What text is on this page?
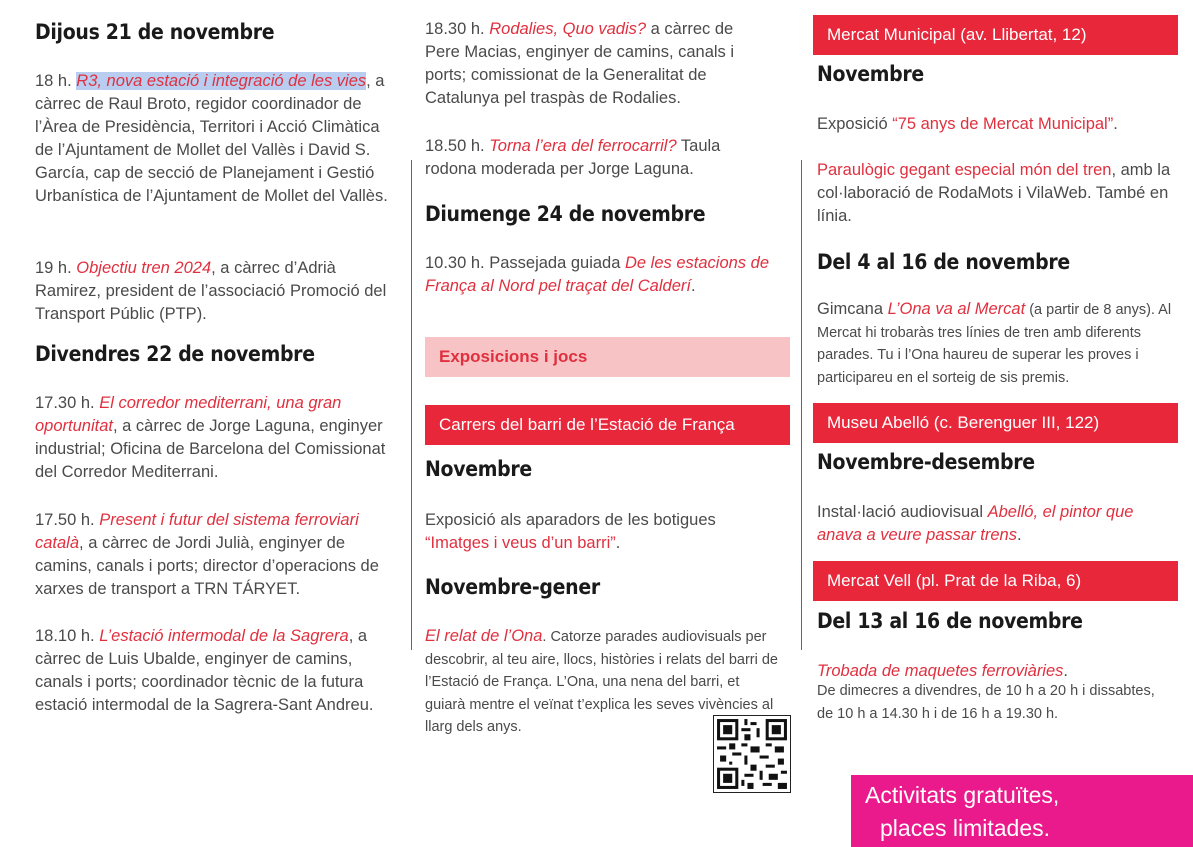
Dijous 21 de novembre

18 h. R3, nova estació i integració de les vies, a càrrec de Raul Broto, regidor coordinador de l’Àrea de Presidència, Territori i Acció Climàtica de l’Ajuntament de Mollet del Vallès i David S. García, cap de secció de Planejament i Gestió Urbanística de l’Ajuntament de Mollet del Vallès.

19 h. Objectiu tren 2024, a càrrec d’Adrià Ramirez, president de l’associació Promoció del Transport Públic (PTP).

Divendres 22 de novembre

17.30 h. El corredor mediterrani, una gran oportunitat, a càrrec de Jorge Laguna, enginyer industrial; Oficina de Barcelona del Comissionat del Corredor Mediterrani.

17.50 h. Present i futur del sistema ferroviari català, a càrrec de Jordi Julià, enginyer de camins, canals i ports; director d’operacions de xarxes de transport a TRN TÁRYET.

18.10 h. L’estació intermodal de la Sagrera, a càrrec de Luis Ubalde, enginyer de camins, canals i ports; coordinador tècnic de la futura estació intermodal de la Sagrera-Sant Andreu.

18.30 h. Rodalies, Quo vadis? a càrrec de Pere Macias, enginyer de camins, canals i ports; comissionat de la Generalitat de Catalunya pel traspàs de Rodalies.

18.50 h. Torna l’era del ferrocarril? Taula rodona moderada per Jorge Laguna.

Diumenge 24 de novembre

10.30 h. Passejada guiada De les estacions de França al Nord pel traçat del Calderí.

Exposicions i jocs
Carrers del barri de l’Estació de França
Novembre

Exposició als aparadors de les botigues “Imatges i veus d’un barri”.

Novembre-gener

El relat de l’Ona. Catorze parades audiovisuals per descobrir, al teu aire, llocs, històries i relats del barri de l’Estació de França. L’Ona, una nena del barri, et guiarà mentre el veïnat t’explica les seves vivències al llarg dels anys.

Mercat Municipal (av. Llibertat, 12)
Novembre

Exposició “75 anys de Mercat Municipal”.

Paraulògic gegant especial món del tren, amb la col·laboració de RodaMots i VilaWeb. També en línia.

Del 4 al 16 de novembre

Gimcana L’Ona va al Mercat (a partir de 8 anys). Al Mercat hi trobaràs tres línies de tren amb diferents parades. Tu i l’Ona haureu de superar les proves i participareu en el sorteig de sis premis.

Museu Abelló (c. Berenguer III, 122)
Novembre-desembre

Instal·lació audiovisual Abelló, el pintor que anava a veure passar trens.

Mercat Vell (pl. Prat de la Riba, 6)
Del 13 al 16 de novembre

Trobada de maquetes ferroviàries.

De dimecres a divendres, de 10 h a 20 h i dissabtes, de 10 h a 14.30 h i de 16 h a 19.30 h.

Activitats gratuïtes,
places limitades.
